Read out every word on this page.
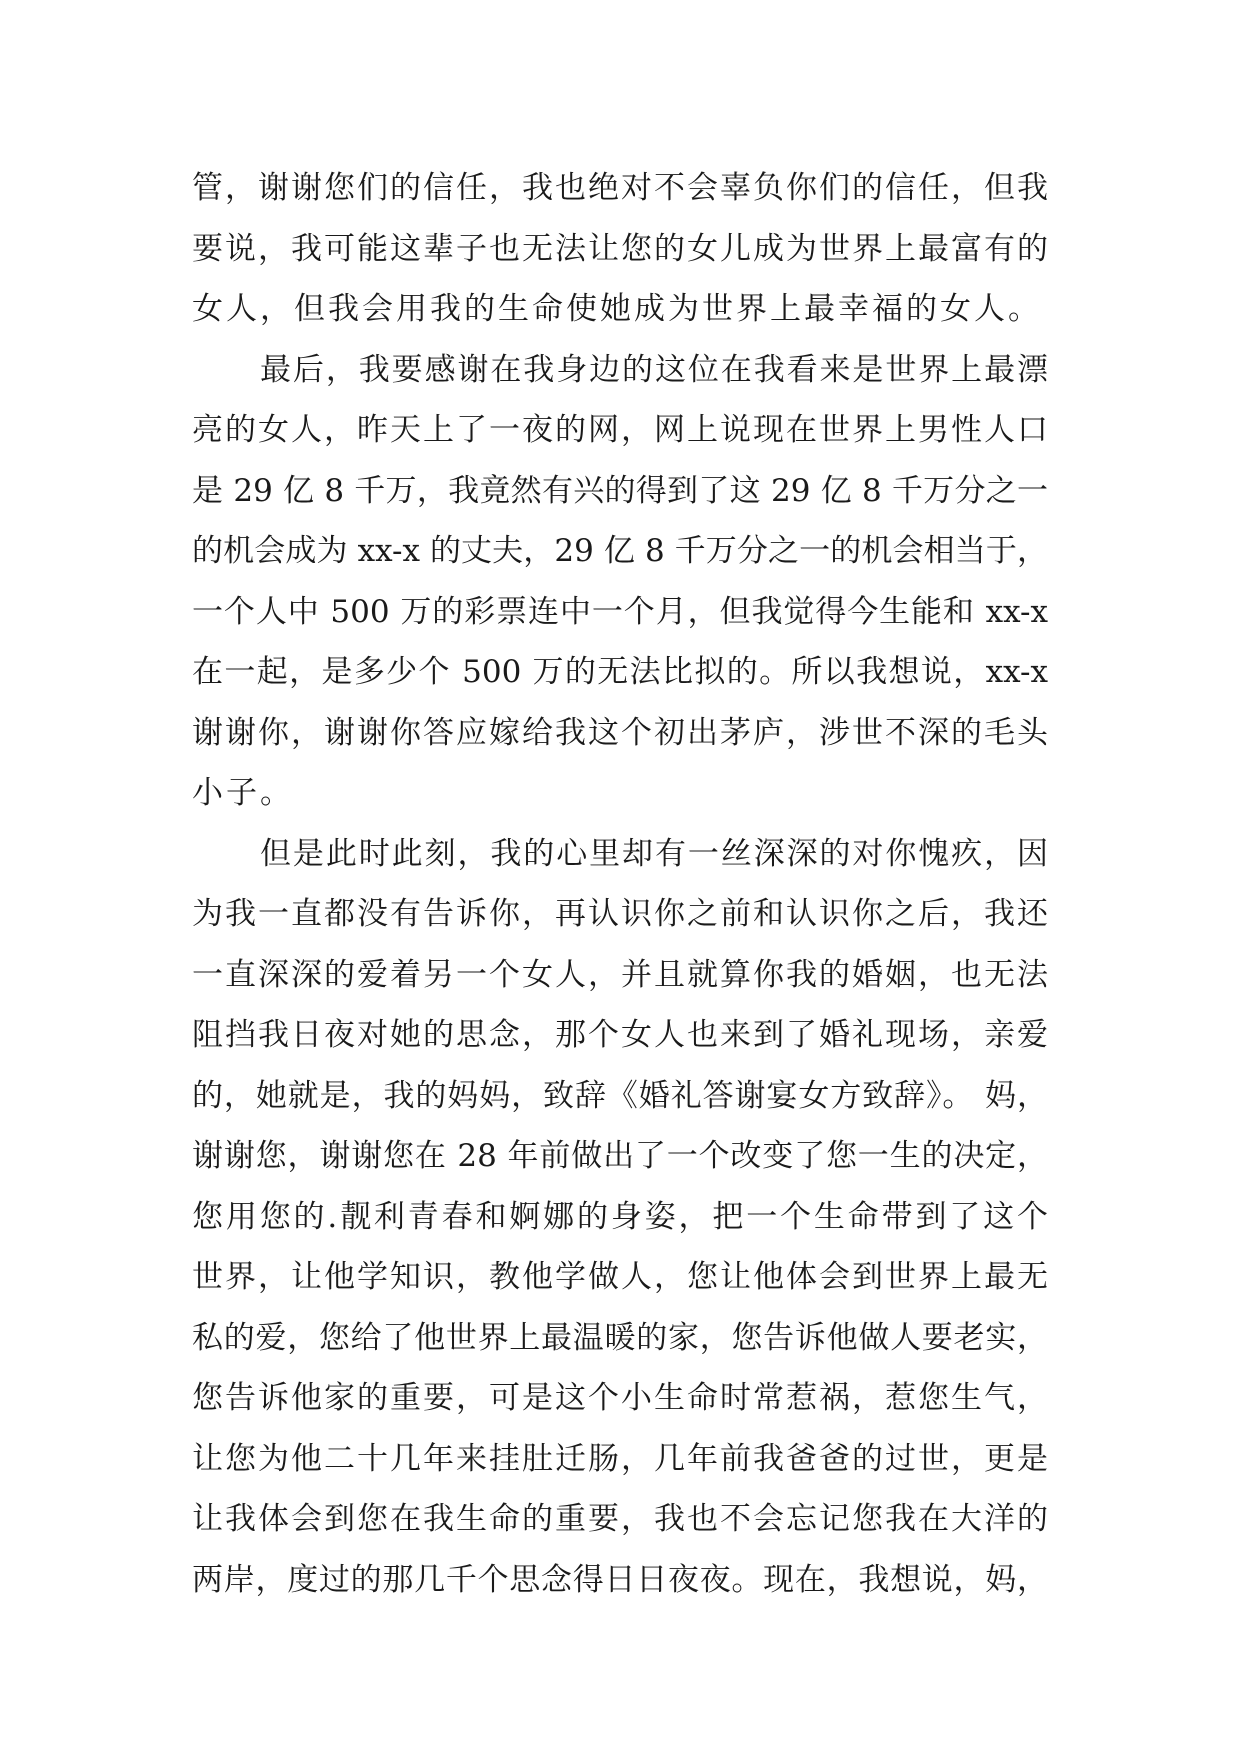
管，谢谢您们的信任，我也绝对不会辜负你们的信任，但我
要说，我可能这辈子也无法让您的女儿成为世界上最富有的
女人，但我会用我的生命使她成为世界上最幸福的女人。
最后，我要感谢在我身边的这位在我看来是世界上最漂
亮的女人，昨天上了一夜的网，网上说现在世界上男性人口
是 29 亿 8 千万，我竟然有兴的得到了这 29 亿 8 千万分之一
的机会成为 xx-x 的丈夫，29 亿 8 千万分之一的机会相当于，
一个人中 500 万的彩票连中一个月，但我觉得今生能和 xx-x
在一起，是多少个 500 万的无法比拟的。所以我想说，xx-x
谢谢你，谢谢你答应嫁给我这个初出茅庐，涉世不深的毛头
小子。
但是此时此刻，我的心里却有一丝深深的对你愧疚，因
为我一直都没有告诉你，再认识你之前和认识你之后，我还
一直深深的爱着另一个女人，并且就算你我的婚姻，也无法
阻挡我日夜对她的思念，那个女人也来到了婚礼现场，亲爱
的，她就是，我的妈妈，致辞《婚礼答谢宴女方致辞》。 妈，
谢谢您，谢谢您在 28 年前做出了一个改变了您一生的决定，
您用您的.靓利青春和婀娜的身姿，把一个生命带到了这个
世界，让他学知识，教他学做人，您让他体会到世界上最无
私的爱，您给了他世界上最温暖的家，您告诉他做人要老实，
您告诉他家的重要，可是这个小生命时常惹祸，惹您生气，
让您为他二十几年来挂肚迁肠，几年前我爸爸的过世，更是
让我体会到您在我生命的重要，我也不会忘记您我在大洋的
两岸，度过的那几千个思念得日日夜夜。现在，我想说，妈，
